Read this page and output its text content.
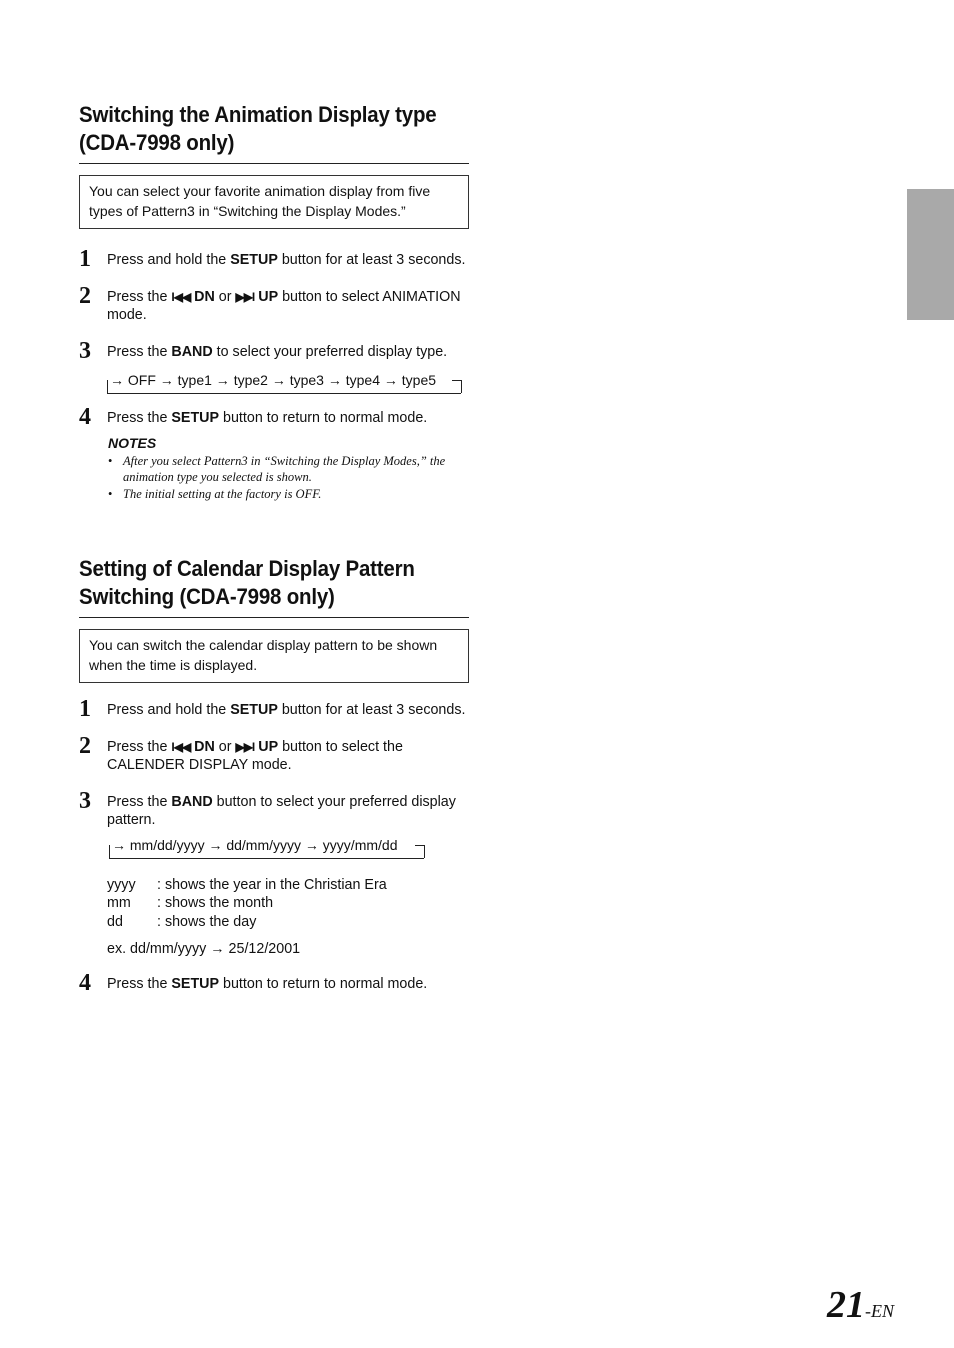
Switching the Animation Display type
(CDA-7998 only)
You can select your favorite animation display from five types of Pattern3 in “Switching the Display Modes.”
1 Press and hold the SETUP button for at least 3 seconds.
2 Press the I◀◀ DN or ▶▶I UP button to select ANIMATION mode.
3 Press the BAND to select your preferred display type.
→ OFF → type1 → type2 → type3 → type4 → type5
4 Press the SETUP button to return to normal mode.
NOTES
• After you select Pattern3 in “Switching the Display Modes,” the animation type you selected is shown.
• The initial setting at the factory is OFF.
Setting of Calendar Display Pattern
Switching (CDA-7998 only)
You can switch the calendar display pattern to be shown when the time is displayed.
1 Press and hold the SETUP button for at least 3 seconds.
2 Press the I◀◀ DN or ▶▶I UP button to select the CALENDER DISPLAY mode.
3 Press the BAND button to select your preferred display pattern.
→ mm/dd/yyyy → dd/mm/yyyy → yyyy/mm/dd
yyyy	: shows the year in the Christian Era
mm	: shows the month
dd	: shows the day
ex. dd/mm/yyyy → 25/12/2001
4 Press the SETUP button to return to normal mode.
21-EN
